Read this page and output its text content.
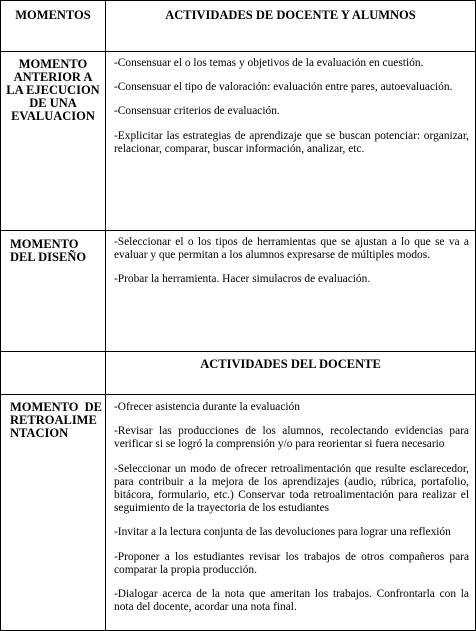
MOMENTOS	ACTIVIDADES DE DOCENTE Y ALUMNOS
MOMENTO ANTERIOR A LA EJECUCION DE UNA EVALUACION

-Consensuar el o los temas y objetivos de la evaluación en cuestión.

-Consensuar el tipo de valoración: evaluación entre pares, autoevaluación.

-Consensuar criterios de evaluación.

-Explicitar las estrategias de aprendizaje que se buscan potenciar: organizar, relacionar, comparar, buscar información, analizar, etc.

MOMENTO DEL DISEÑO

-Seleccionar el o los tipos de herramientas que se ajustan a lo que se va a evaluar y que permitan a los alumnos expresarse de múltiples modos.

-Probar la herramienta. Hacer simulacros de evaluación.

ACTIVIDADES DEL DOCENTE
MOMENTO DE RETROALIMENTACION

-Ofrecer asistencia durante la evaluación

-Revisar las producciones de los alumnos, recolectando evidencias para verificar si se logró la comprensión y/o para reorientar si fuera necesario

-Seleccionar un modo de ofrecer retroalimentación que resulte esclarecedor, para contribuir a la mejora de los aprendizajes (audio, rúbrica, portafolio, bitácora, formulario, etc.) Conservar toda retroalimentación para realizar el seguimiento de la trayectoria de los estudiantes

-Invitar a la lectura conjunta de las devoluciones para lograr una reflexión

-Proponer a los estudiantes revisar los trabajos de otros compañeros para comparar la propia producción.

-Dialogar acerca de la nota que ameritan los trabajos. Confrontarla con la nota del docente, acordar una nota final.
